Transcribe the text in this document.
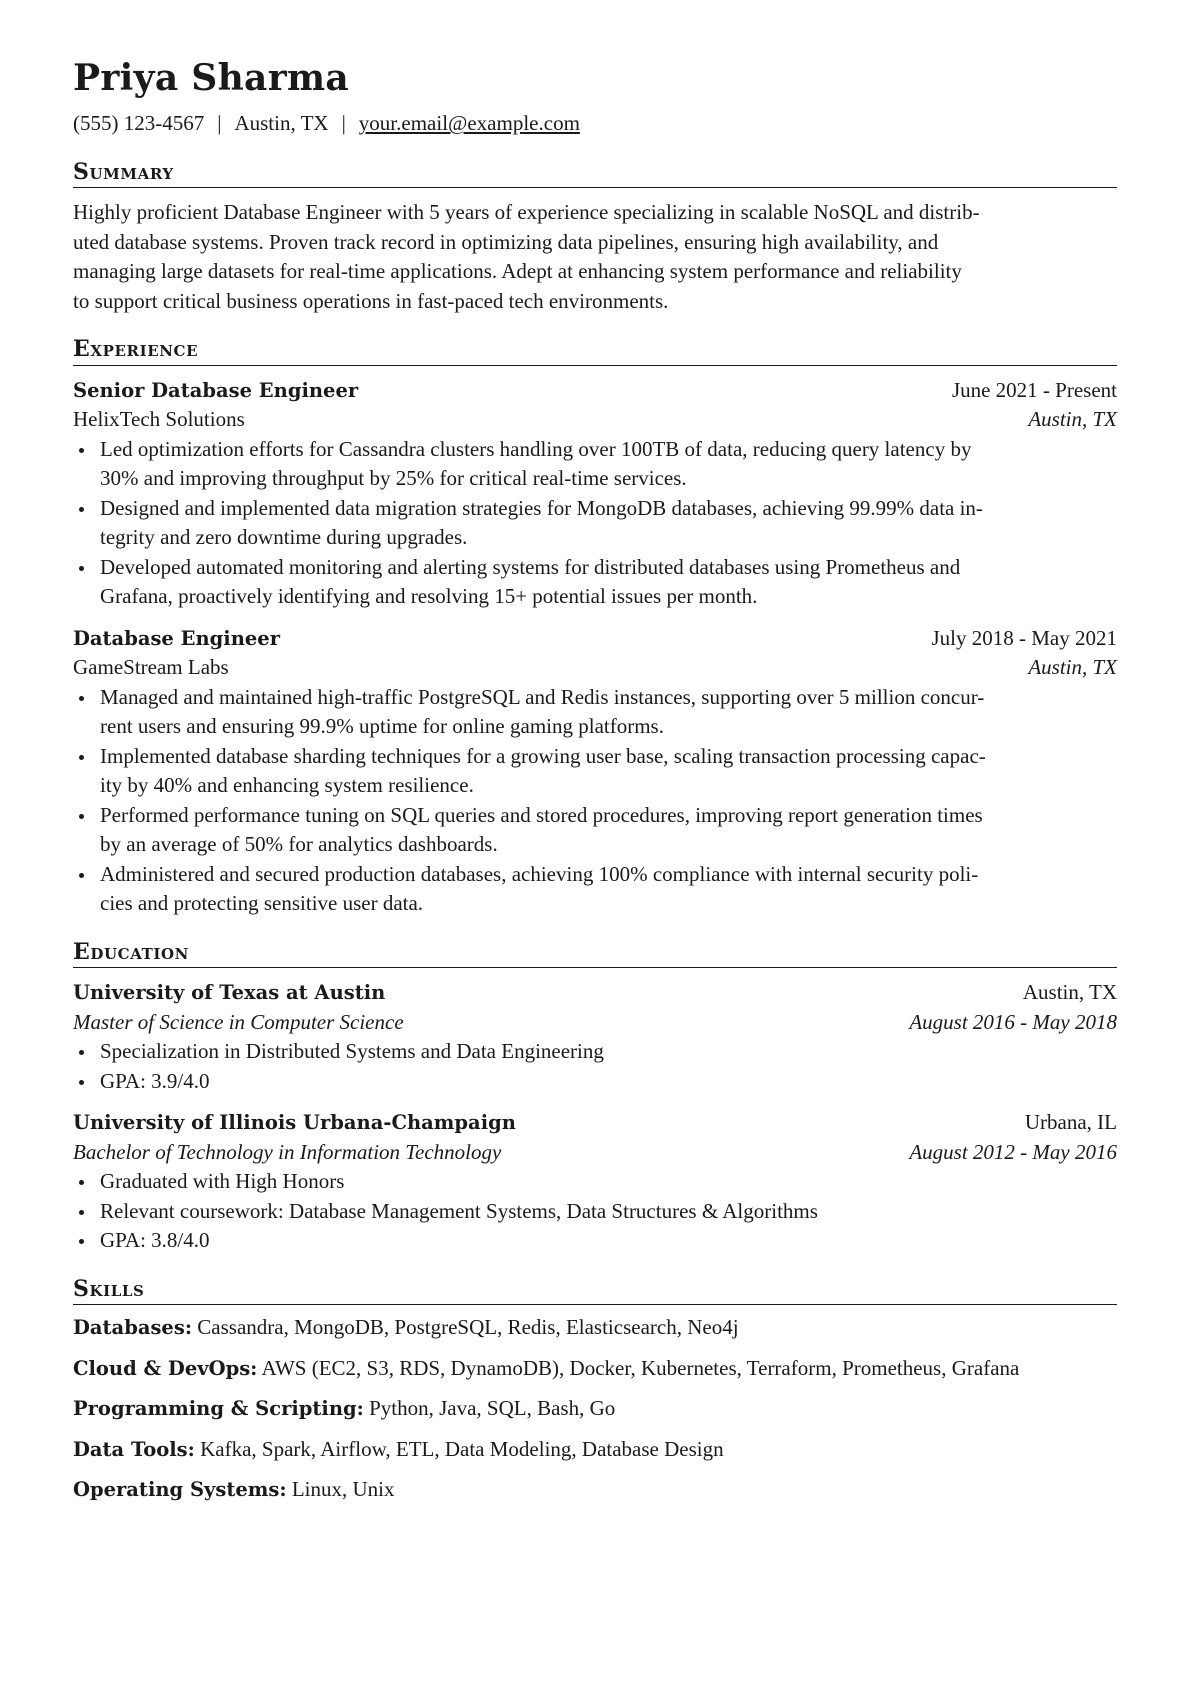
Priya Sharma
(555) 123-4567 | Austin, TX | your.email@example.com
Summary
Highly proficient Database Engineer with 5 years of experience specializing in scalable NoSQL and distrib-
uted database systems. Proven track record in optimizing data pipelines, ensuring high availability, and
managing large datasets for real-time applications. Adept at enhancing system performance and reliability
to support critical business operations in fast-paced tech environments.
Experience
Senior Database Engineer	June 2021 - Present
HelixTech Solutions	Austin, TX
Led optimization efforts for Cassandra clusters handling over 100TB of data, reducing query latency by
30% and improving throughput by 25% for critical real-time services.
Designed and implemented data migration strategies for MongoDB databases, achieving 99.99% data in-
tegrity and zero downtime during upgrades.
Developed automated monitoring and alerting systems for distributed databases using Prometheus and
Grafana, proactively identifying and resolving 15+ potential issues per month.
Database Engineer	July 2018 - May 2021
GameStream Labs	Austin, TX
Managed and maintained high-traffic PostgreSQL and Redis instances, supporting over 5 million concur-
rent users and ensuring 99.9% uptime for online gaming platforms.
Implemented database sharding techniques for a growing user base, scaling transaction processing capac-
ity by 40% and enhancing system resilience.
Performed performance tuning on SQL queries and stored procedures, improving report generation times
by an average of 50% for analytics dashboards.
Administered and secured production databases, achieving 100% compliance with internal security poli-
cies and protecting sensitive user data.
Education
University of Texas at Austin	Austin, TX
Master of Science in Computer Science	August 2016 - May 2018
Specialization in Distributed Systems and Data Engineering
GPA: 3.9/4.0
University of Illinois Urbana-Champaign	Urbana, IL
Bachelor of Technology in Information Technology	August 2012 - May 2016
Graduated with High Honors
Relevant coursework: Database Management Systems, Data Structures & Algorithms
GPA: 3.8/4.0
Skills
Databases: Cassandra, MongoDB, PostgreSQL, Redis, Elasticsearch, Neo4j
Cloud & DevOps: AWS (EC2, S3, RDS, DynamoDB), Docker, Kubernetes, Terraform, Prometheus, Grafana
Programming & Scripting: Python, Java, SQL, Bash, Go
Data Tools: Kafka, Spark, Airflow, ETL, Data Modeling, Database Design
Operating Systems: Linux, Unix
